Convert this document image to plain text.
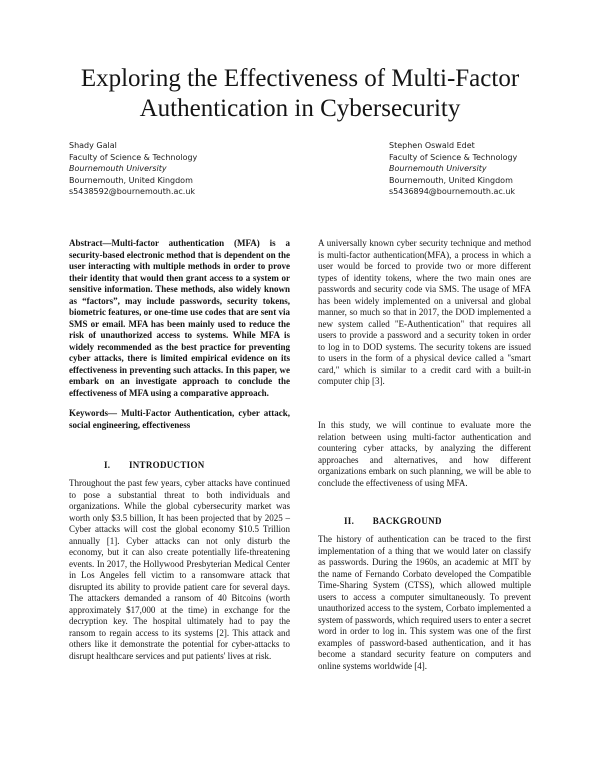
Exploring the Effectiveness of Multi-Factor
Authentication in Cybersecurity
Shady Galal
Faculty of Science & Technology
Bournemouth University
Bournemouth, United Kingdom
s5438592@bournemouth.ac.uk
Stephen Oswald Edet
Faculty of Science & Technology
Bournemouth University
Bournemouth, United Kingdom
s5436894@bournemouth.ac.uk

Abstract—Multi-factor authentication (MFA) is a security-based electronic method that is dependent on the user interacting with multiple methods in order to prove their identity that would then grant access to a system or sensitive information. These methods, also widely known as “factors”, may include passwords, security tokens, biometric features, or one-time use codes that are sent via SMS or email. MFA has been mainly used to reduce the risk of unauthorized access to systems. While MFA is widely recommended as the best practice for preventing cyber attacks, there is limited empirical evidence on its effectiveness in preventing such attacks. In this paper, we embark on an investigate approach to conclude the effectiveness of MFA using a comparative approach.

Keywords— Multi-Factor Authentication, cyber attack, social engineering, effectiveness

I.  INTRODUCTION

Throughout the past few years, cyber attacks have continued to pose a substantial threat to both individuals and organizations. While the global cybersecurity market was worth only $3.5 billion, It has been projected that by 2025 – Cyber attacks will cost the global economy $10.5 Trillion annually [1]. Cyber attacks can not only disturb the economy, but it can also create potentially life-threatening events. In 2017, the Hollywood Presbyterian Medical Center in Los Angeles fell victim to a ransomware attack that disrupted its ability to provide patient care for several days. The attackers demanded a ransom of 40 Bitcoins (worth approximately $17,000 at the time) in exchange for the decryption key. The hospital ultimately had to pay the ransom to regain access to its systems [2]. This attack and others like it demonstrate the potential for cyber-attacks to disrupt healthcare services and put patients' lives at risk.

A universally known cyber security technique and method is multi-factor authentication(MFA), a process in which a user would be forced to provide two or more different types of identity tokens, where the two main ones are passwords and security code via SMS. The usage of MFA has been widely implemented on a universal and global manner, so much so that in 2017, the DOD implemented a new system called "E-Authentication" that requires all users to provide a password and a security token in order to log in to DOD systems. The security tokens are issued to users in the form of a physical device called a "smart card," which is similar to a credit card with a built-in computer chip [3].

In this study, we will continue to evaluate more the relation between using multi-factor authentication and countering cyber attacks, by analyzing the different approaches and alternatives, and how different organizations embark on such planning, we will be able to conclude the effectiveness of using MFA.

II.  BACKGROUND

The history of authentication can be traced to the first implementation of a thing that we would later on classify as passwords. During the 1960s, an academic at MIT by the name of Fernando Corbato developed the Compatible Time-Sharing System (CTSS), which allowed multiple users to access a computer simultaneously. To prevent unauthorized access to the system, Corbato implemented a system of passwords, which required users to enter a secret word in order to log in. This system was one of the first examples of password-based authentication, and it has become a standard security feature on computers and online systems worldwide [4].
